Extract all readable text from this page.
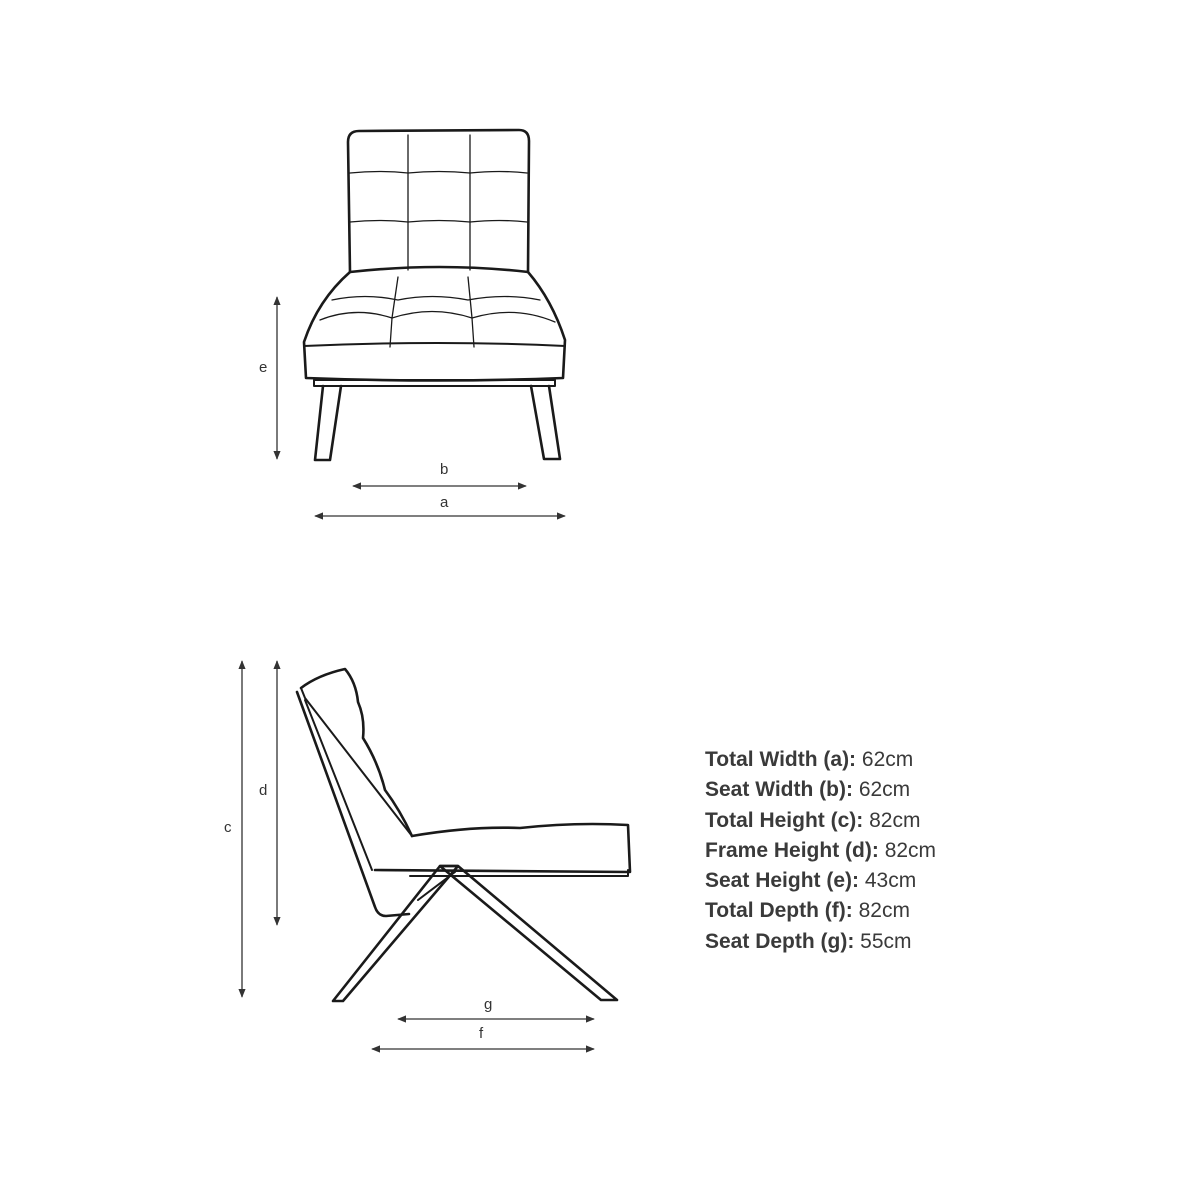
e
b
a
c
d
g
f
Total Width (a): 62cm
Seat Width (b): 62cm
Total Height (c): 82cm
Frame Height (d): 82cm
Seat Height (e): 43cm
Total Depth (f): 82cm
Seat Depth (g): 55cm
